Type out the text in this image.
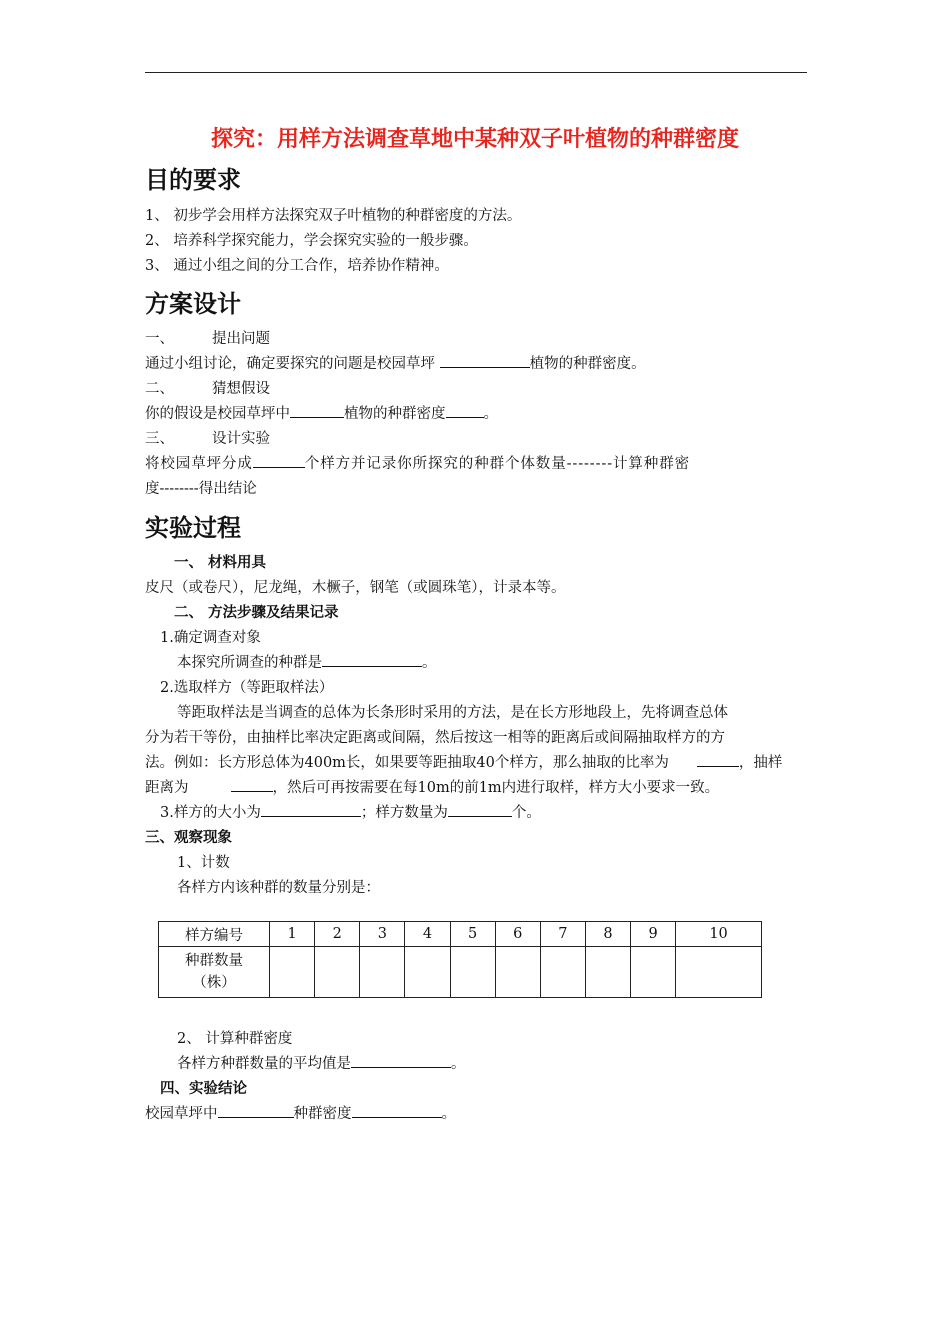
探究：用样方法调查草地中某种双子叶植物的种群密度
目的要求
1、 初步学会用样方法探究双子叶植物的种群密度的方法。
2、 培养科学探究能力，学会探究实验的一般步骤。
3、 通过小组之间的分工合作，培养协作精神。
方案设计
一、	提出问题
通过小组讨论，确定要探究的问题是校园草坪	植物的种群密度。
二、	猜想假设
你的假设是校园草坪中	植物的种群密度	。
三、	设计实验
将校园草坪分成	个样方并记录你所探究的种群个体数量--------计算种群密
度--------得出结论
实验过程
一、 材料用具
皮尺（或卷尺），尼龙绳，木橛子，钢笔（或圆珠笔），计录本等。
二、 方法步骤及结果记录
1.确定调查对象
本探究所调查的种群是	。
2.选取样方（等距取样法）
等距取样法是当调查的总体为长条形时采用的方法，是在长方形地段上，先将调查总体
分为若干等份，由抽样比率决定距离或间隔，然后按这一相等的距离后或间隔抽取样方的方
法。例如：长方形总体为400m长，如果要等距抽取40个样方，那么抽取的比率为	，抽样
距离为	，然后可再按需要在每10m的前1m内进行取样，样方大小要求一致。
3.样方的大小为	；样方数量为	个。
三、观察现象
1、计数
各样方内该种群的数量分别是：
样方编号	1	2	3	4	5	6	7	8	9	10

种群数量
（株）										

2、 计算种群密度
各样方种群数量的平均值是	。
四、实验结论
校园草坪中	种群密度	。
